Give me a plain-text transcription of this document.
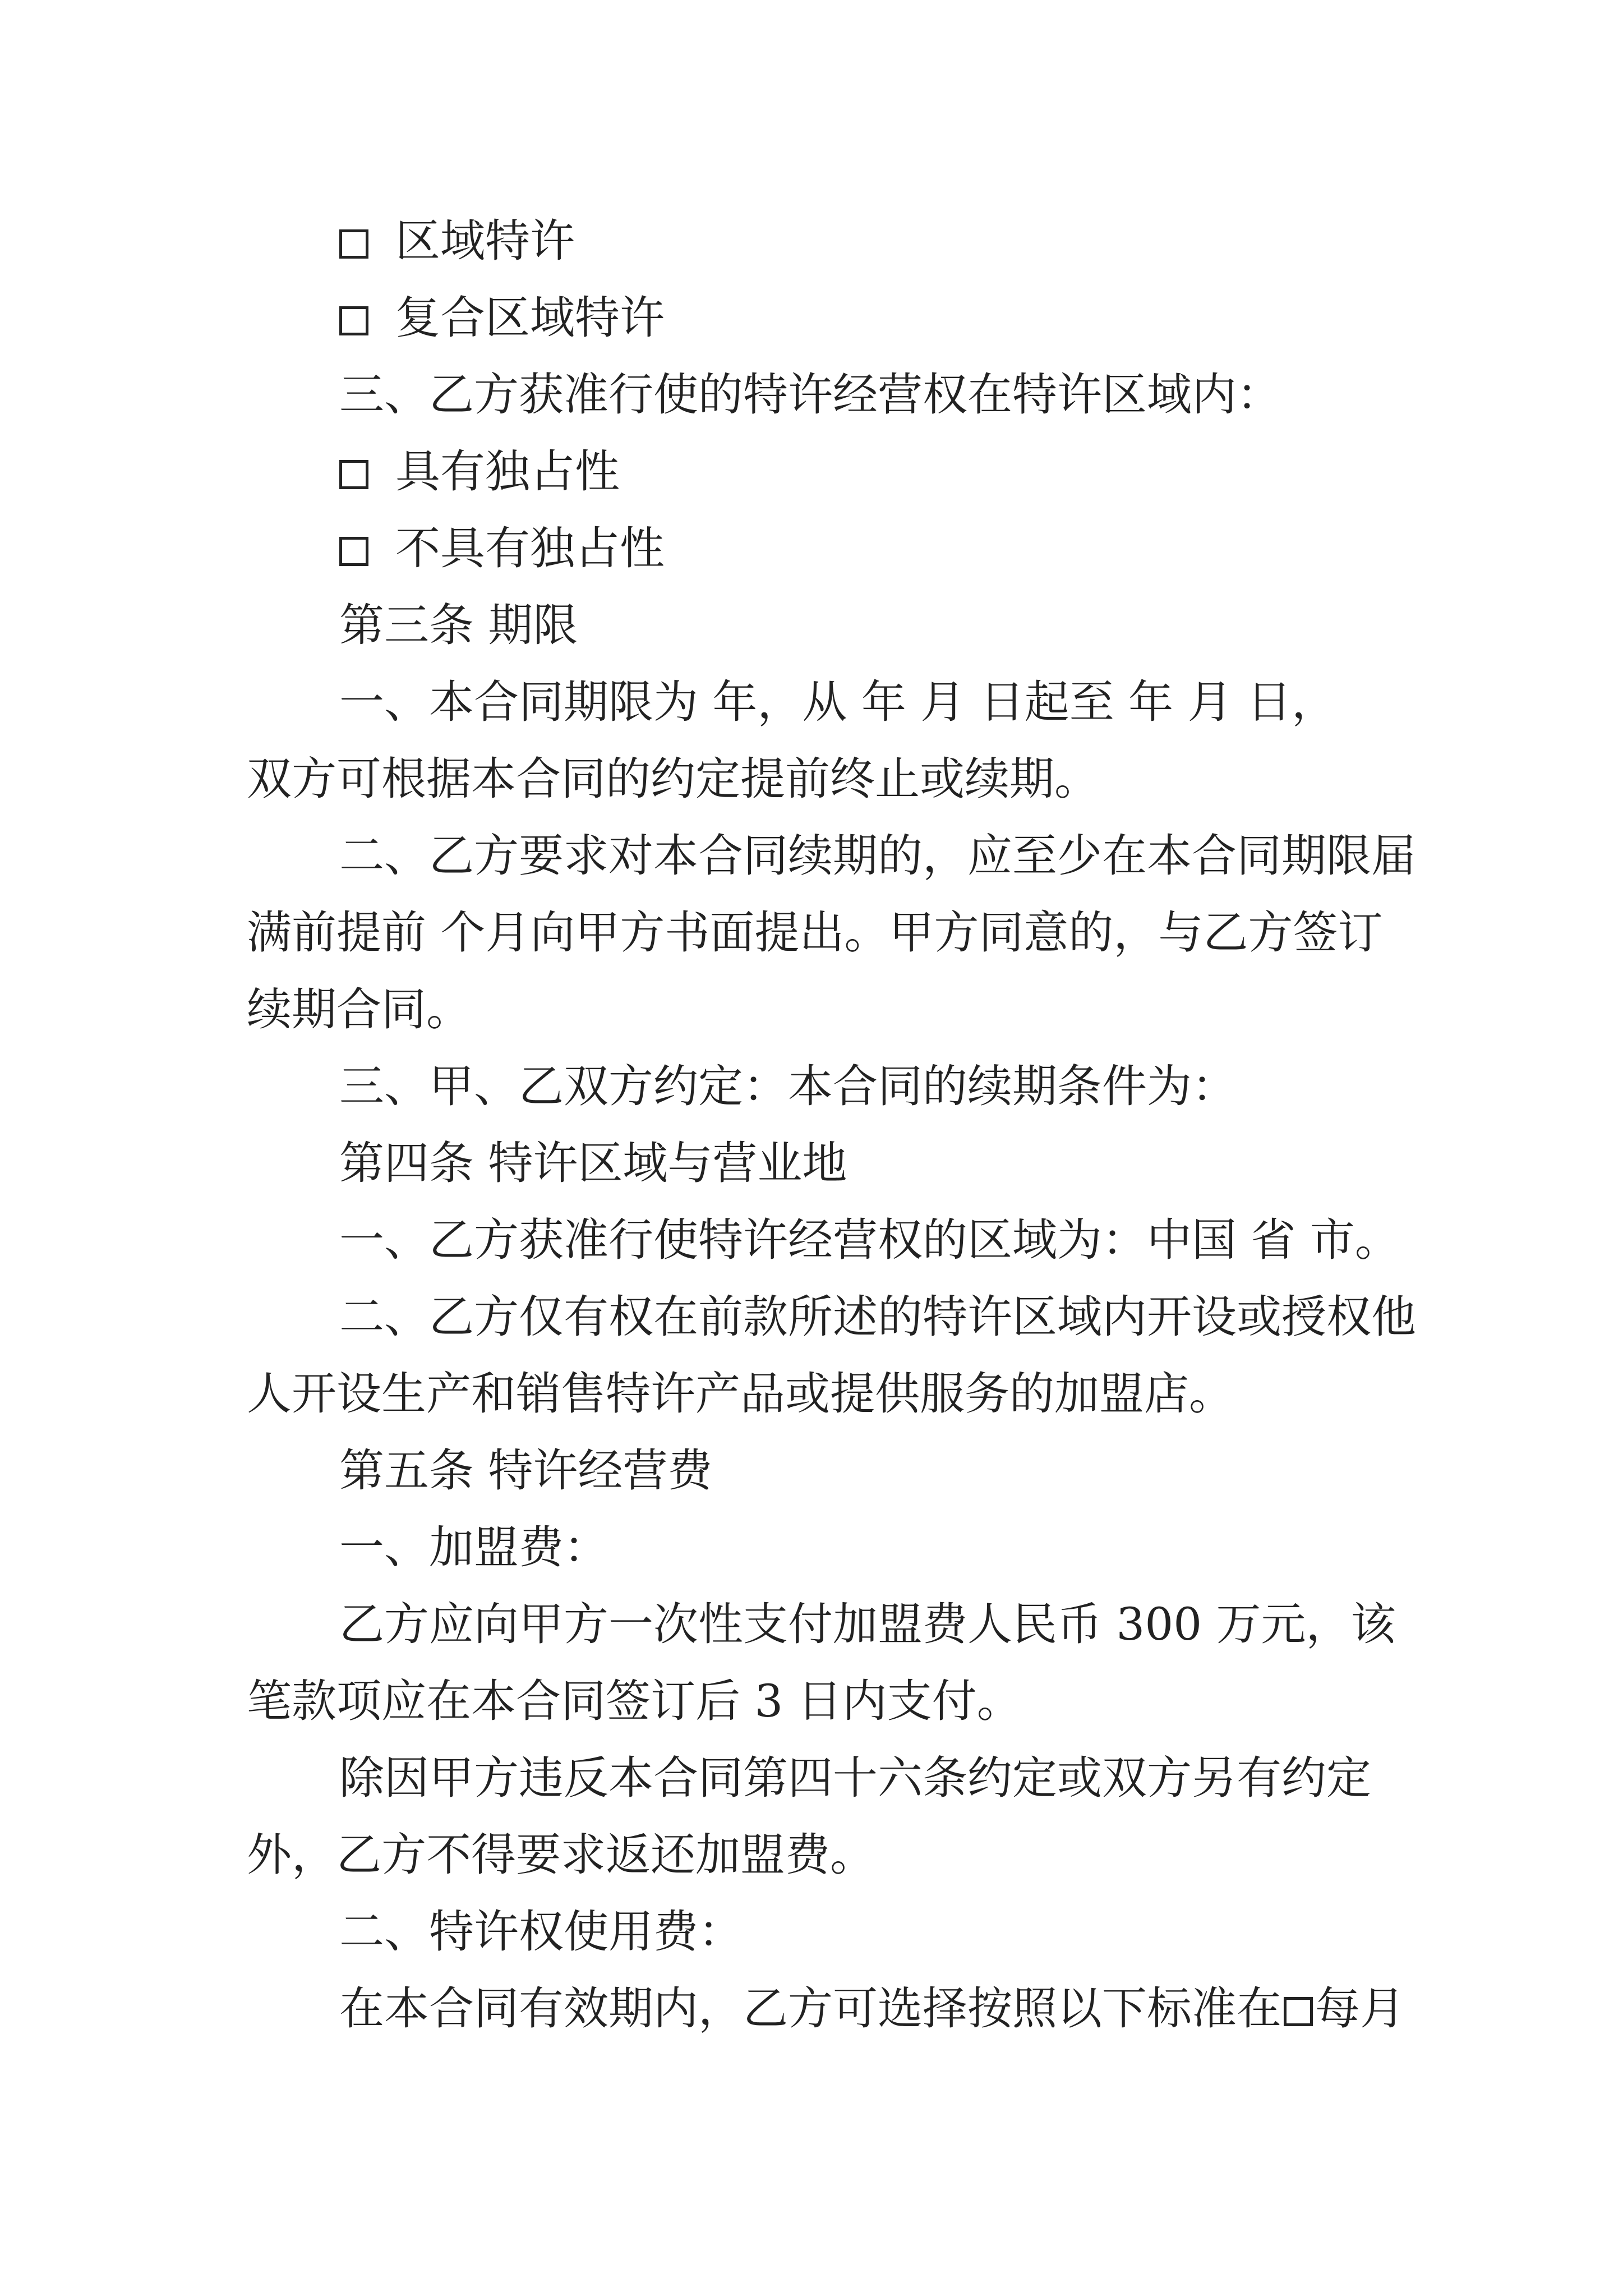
区域特许
复合区域特许
三、乙方获准行使的特许经营权在特许区域内：
具有独占性
不具有独占性
第三条 期限
一、本合同期限为 年，从 年 月 日起至 年 月 日，
双方可根据本合同的约定提前终止或续期。
二、乙方要求对本合同续期的，应至少在本合同期限届
满前提前 个月向甲方书面提出。甲方同意的，与乙方签订
续期合同。
三、甲、乙双方约定：本合同的续期条件为：
第四条 特许区域与营业地
一、乙方获准行使特许经营权的区域为：中国 省 市。
二、乙方仅有权在前款所述的特许区域内开设或授权他
人开设生产和销售特许产品或提供服务的加盟店。
第五条 特许经营费
一、加盟费：
乙方应向甲方一次性支付加盟费人民币 300 万元，该
笔款项应在本合同签订后 3 日内支付。
除因甲方违反本合同第四十六条约定或双方另有约定
外，乙方不得要求返还加盟费。
二、特许权使用费：
在本合同有效期内，乙方可选择按照以下标准在 每月
